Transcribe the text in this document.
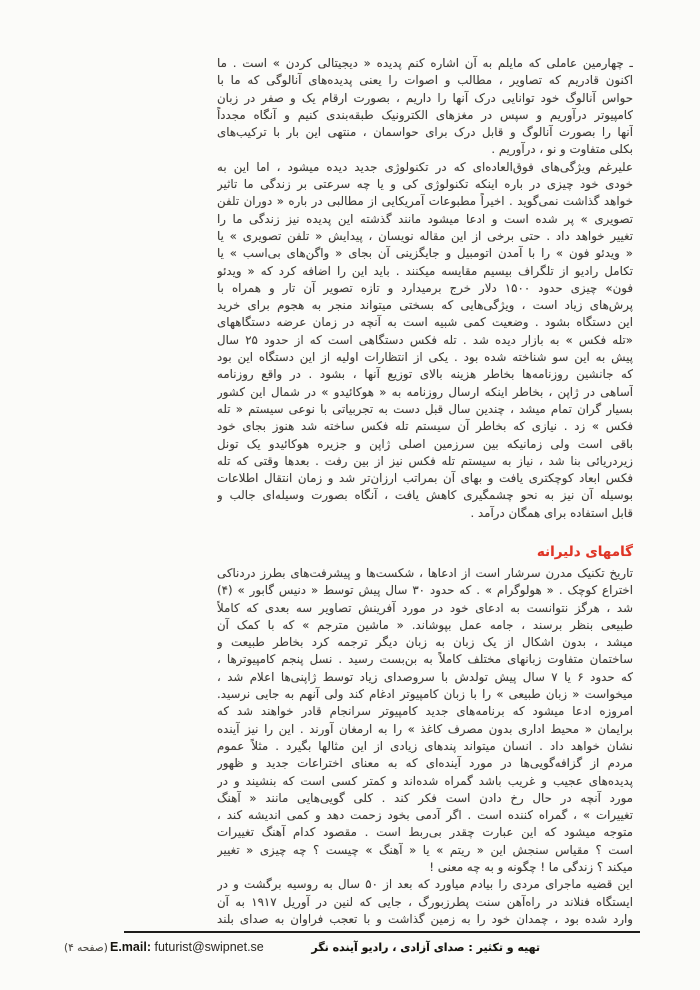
ـ چهارمین عاملی که مایلم به آن اشاره کنم پدیده « دیجیتالی کردن » است . ما
اکنون قادریم که تصاویر ، مطالب و اصوات را یعنی پدیده‌های آنالوگی که ما با
حواس آنالوگ خود توانایی درک آنها را داریم ، بصورت ارقام یک و صفر در زبان
کامپیوتر درآوریم و سپس در مغزهای الکترونیک طبقه‌بندی کنیم و آنگاه مجدداً
آنها را بصورت آنالوگ و قابل درک برای حواسمان ، منتهی این بار با ترکیب‌های
بکلی متفاوت و نو ، درآوریم .
علیرغم ویژگی‌های فوق‌العاده‌ای که در تکنولوژی جدید دیده میشود ، اما این به
خودی خود چیزی در باره اینکه تکنولوژی کی و یا چه سرعتی بر زندگی ما تاثیر
خواهد گذاشت نمی‌گوید . اخیراً مطبوعات آمریکایی از مطالبی در باره « دوران تلفن
تصویری » پر شده است و ادعا میشود مانند گذشته این پدیده نیز زندگی ما را
تغییر خواهد داد . حتی برخی از این مقاله نویسان ، پیدایش « تلفن تصویری » یا
« ویدئو فون » را با آمدن اتومبیل و جایگزینی آن بجای « واگن‌های بی‌اسب » یا
تکامل رادیو از تلگراف بیسیم مقایسه میکنند . باید این را اضافه کرد که « ویدئو
فون» چیزی حدود ۱۵۰۰ دلار خرج برمیدارد و تازه تصویر آن تار و همراه با
پرش‌های زیاد است ، ویژگی‌هایی که بسختی میتواند منجر به هجوم برای خرید
این دستگاه بشود . وضعیت کمی شبیه است به آنچه در زمان عرضه دستگاههای
«تله فکس » به بازار دیده شد . تله فکس دستگاهی است که از حدود ۲۵ سال
پیش به این سو شناخته شده بود . یکی از انتظارات اولیه از این دستگاه این بود
که جانشین روزنامه‌ها بخاطر هزینه بالای توزیع آنها ، بشود . در واقع روزنامه
آساهی در ژاپن ، بخاطر اینکه ارسال روزنامه به « هوکائیدو » در شمال این کشور
بسیار گران تمام میشد ، چندین سال قبل دست به تجربیاتی با نوعی سیستم « تله
فکس » زد . نیازی که بخاطر آن سیستم تله فکس ساخته شد هنوز بجای خود
باقی است ولی زمانیکه بین سرزمین اصلی ژاپن و جزیره هوکائیدو یک تونل
زیردریائی بنا شد ، نیاز به سیستم تله فکس نیز از بین رفت . بعدها وقتی که تله
فکس ابعاد کوچکتری یافت و بهای آن بمراتب ارزان‌تر شد و زمان انتقال اطلاعات
بوسیله آن نیز به نحو چشمگیری کاهش یافت ، آنگاه بصورت وسیله‌ای جالب و
قابل استفاده برای همگان درآمد .
گامهای دلیرانه
تاریخ تکنیک مدرن سرشار است از ادعاها ، شکست‌ها و پیشرفت‌های بطرز دردناکی
اختراع کوچک . « هولوگرام » . که حدود ۳۰ سال پیش توسط « دنیس گابور » (۴)
شد ، هرگز نتوانست به ادعای خود در مورد آفرینش تصاویر سه بعدی که کاملاً
طبیعی بنظر برسند ، جامه عمل بپوشاند. « ماشین مترجم » که با کمک آن
میشد ، بدون اشکال از یک زبان به زبان دیگر ترجمه کرد بخاطر طبیعت و
ساختمان متفاوت زبانهای مختلف کاملاً به بن‌بست رسید . نسل پنجم کامپیوترها ،
که حدود ۶ یا ۷ سال پیش تولدش با سروصدای زیاد توسط ژاپنی‌ها اعلام شد ،
میخواست « زبان طبیعی » را با زبان کامپیوتر ادغام کند ولی آنهم به جایی نرسید.
امروزه ادعا میشود که برنامه‌های جدید کامپیوتر سرانجام قادر خواهند شد که
برایمان « محیط اداری بدون مصرف کاغذ » را به ارمغان آورند . این را نیز آینده
نشان خواهد داد . انسان میتواند پندهای زیادی از این مثالها بگیرد . مثلاً عموم
مردم از گزافه‌گویی‌ها در مورد آینده‌ای که به معنای اختراعات جدید و ظهور
پدیده‌های عجیب و غریب باشد گمراه شده‌اند و کمتر کسی است که بنشیند و در
مورد آنچه در حال رخ دادن است فکر کند . کلی گویی‌هایی مانند « آهنگ
تغییرات » ، گمراه کننده است . اگر آدمی بخود زحمت دهد و کمی اندیشه کند ،
متوجه میشود که این عبارت چقدر بی‌ربط است . مقصود کدام آهنگ تغییرات
است ؟ مقیاس سنجش این « ریتم » یا « آهنگ » چیست ؟ چه چیزی « تغییر
میکند ؟ زندگی ما ! چگونه و به چه معنی !
این قضیه ماجرای مردی را بیادم میاورد که بعد از ۵۰ سال به روسیه برگشت و در
ایستگاه فنلاند در راه‌آهن سنت پطرزبورگ ، جایی که لنین در آوریل ۱۹۱۷ به آن
وارد شده بود ، چمدان خود را به زمین گذاشت و با تعجب فراوان به صدای بلند
(صفحه ۴) E.mail: futurist@swipnet.se	تهیه و تکثیر : صدای آزادی ، رادیو آینده نگر
